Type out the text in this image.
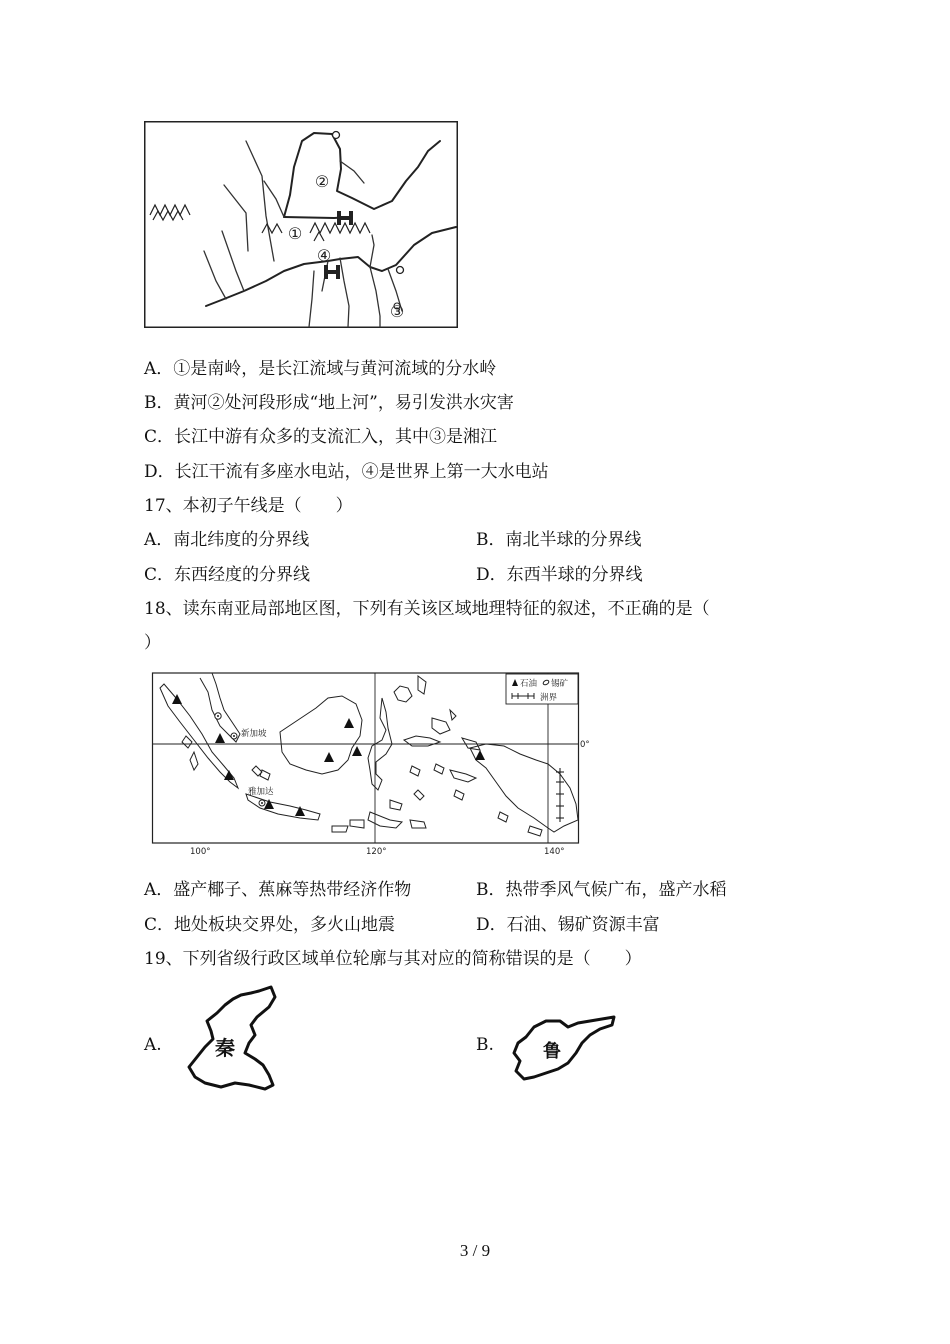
①
②
③
④
A．①是南岭，是长江流域与黄河流域的分水岭
B．黄河②处河段形成“地上河”，易引发洪水灾害
C．长江中游有众多的支流汇入，其中③是湘江
D．长江干流有多座水电站，④是世界上第一大水电站
17、本初子午线是（　　）
A．南北纬度的分界线	B．南北半球的分界线
C．东西经度的分界线	D．东西半球的分界线
18、读东南亚局部地区图，下列有关该区域地理特征的叙述，不正确的是（
）
石油 锡矿
洲界
新加坡
雅加达
0°
100°	120°	140°
A．盛产椰子、蕉麻等热带经济作物	B．热带季风气候广布，盛产水稻
C．地处板块交界处，多火山地震	D．石油、锡矿资源丰富
19、下列省级行政区域单位轮廓与其对应的简称错误的是（　　）
A.	秦	B.	鲁
3 / 9
